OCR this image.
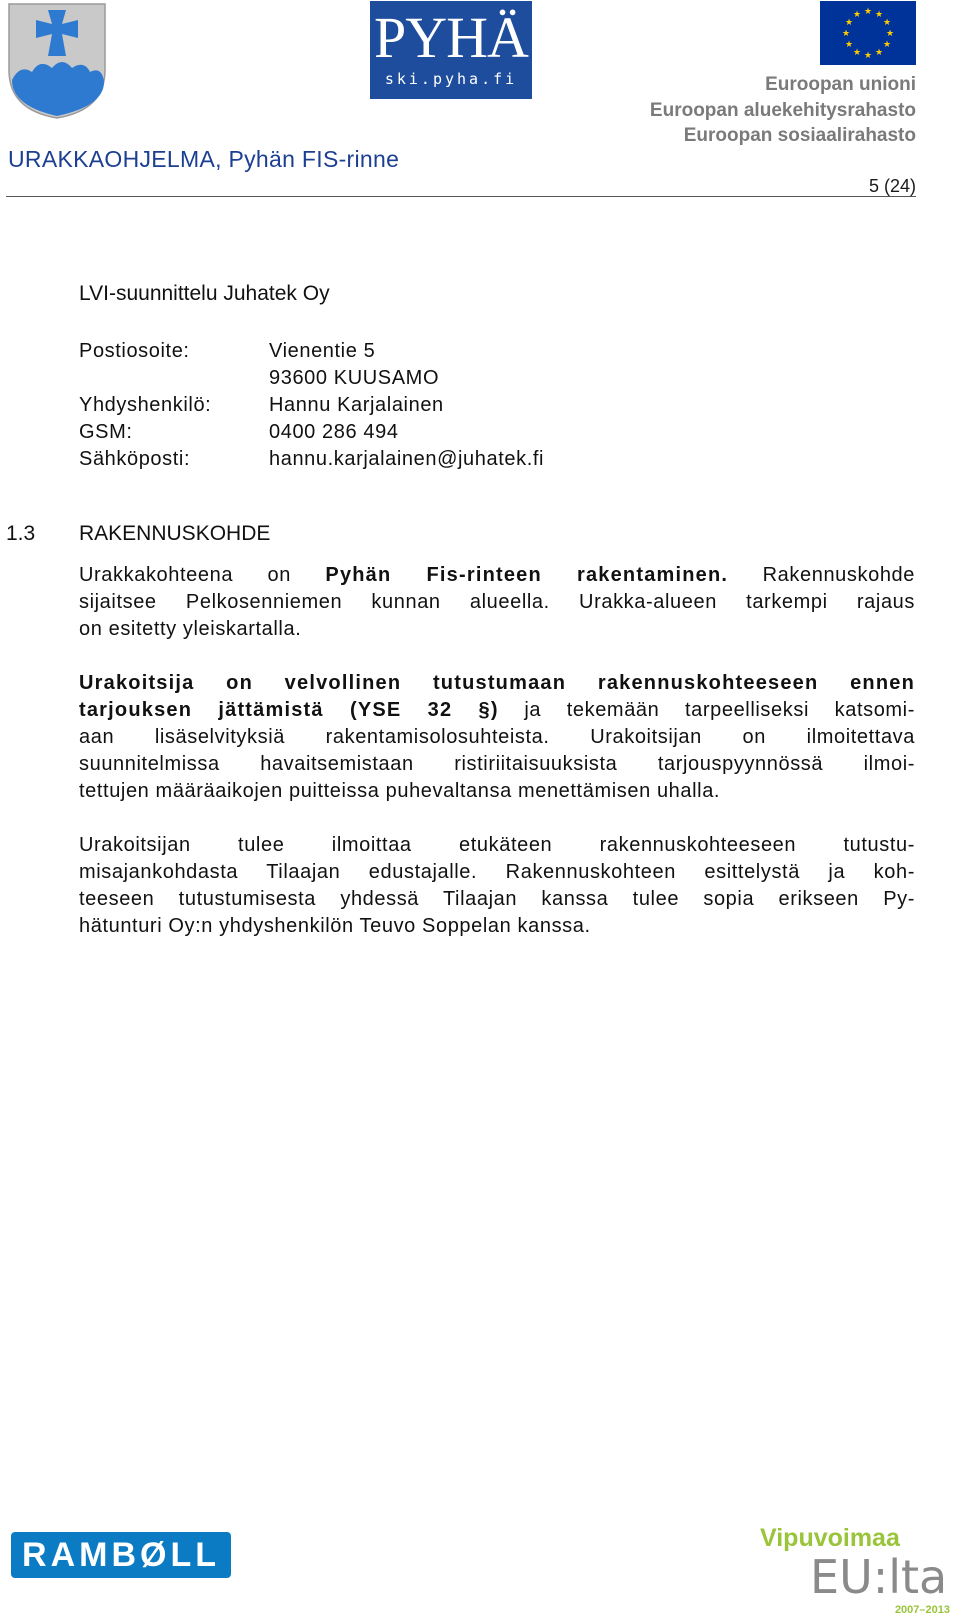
PYHÄ
ski.pyha.fi
★ ★
★
★
★
★
★
★
★
★
★
★
Euroopan unioni
Euroopan aluekehitysrahasto
Euroopan sosiaalirahasto
URAKKAOHJELMA, Pyhän FIS-rinne
5 (24)
LVI-suunnittelu Juhatek Oy
Postiosoite:	Vienentie 5
93600 KUUSAMO
Yhdyshenkilö:	Hannu Karjalainen
GSM:	0400 286 494
Sähköposti:	hannu.karjalainen@juhatek.fi
1.3 RAKENNUSKOHDE
Urakkakohteena on Pyhän Fis-rinteen rakentaminen. Rakennuskohde
sijaitsee Pelkosenniemen kunnan alueella. Urakka-alueen tarkempi rajaus
on esitetty yleiskartalla.
Urakoitsija on velvollinen tutustumaan rakennuskohteeseen ennen
tarjouksen jättämistä (YSE 32 §) ja tekemään tarpeelliseksi katsomi-
aan lisäselvityksiä rakentamisolosuhteista. Urakoitsijan on ilmoitettava
suunnitelmissa havaitsemistaan ristiriitaisuuksista tarjouspyynnössä ilmoi-
tettujen määräaikojen puitteissa puhevaltansa menettämisen uhalla.
Urakoitsijan tulee ilmoittaa etukäteen rakennuskohteeseen tutustu-
misajankohdasta Tilaajan edustajalle. Rakennuskohteen esittelystä ja koh-
teeseen tutustumisesta yhdessä Tilaajan kanssa tulee sopia erikseen Py-
hätunturi Oy:n yhdyshenkilön Teuvo Soppelan kanssa.
RAMBØLL	Vipuvoimaa
EU:lta
2007–2013
